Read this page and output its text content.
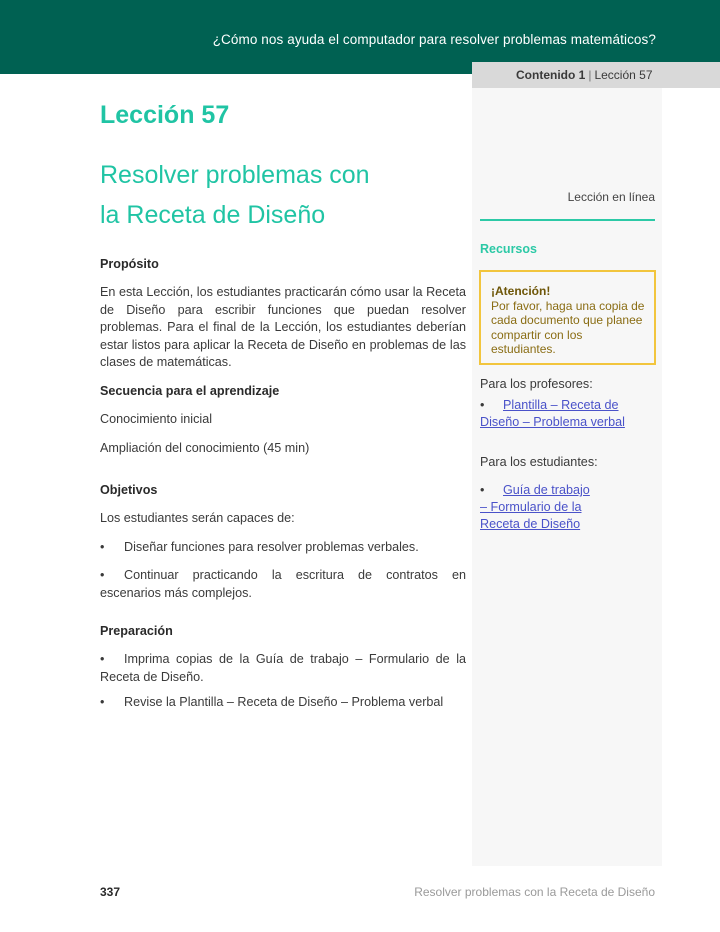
¿Cómo nos ayuda el computador para resolver problemas matemáticos?
Contenido 1 | Lección 57
Lección 57
Resolver problemas con
la Receta de Diseño
Propósito
En esta Lección, los estudiantes practicarán cómo usar la Receta de Diseño para escribir funciones que puedan resolver problemas. Para el final de la Lección, los estudiantes deberían estar listos para aplicar la Receta de Diseño en problemas de las clases de matemáticas.
Secuencia para el aprendizaje
Conocimiento inicial
Ampliación del conocimiento (45 min)
Objetivos
Los estudiantes serán capaces de:
• Diseñar funciones para resolver problemas verbales.
• Continuar practicando la escritura de contratos en escenarios más complejos.
Preparación
• Imprima copias de la Guía de trabajo – Formulario de la Receta de Diseño.
• Revise la Plantilla – Receta de Diseño – Problema verbal
Lección en línea
Recursos
¡Atención!
Por favor, haga una copia de cada documento que planee compartir con los estudiantes.
Para los profesores:
• Plantilla – Receta de Diseño – Problema verbal
Para los estudiantes:
• Guía de trabajo – Formulario de la Receta de Diseño
337	Resolver problemas con la Receta de Diseño
